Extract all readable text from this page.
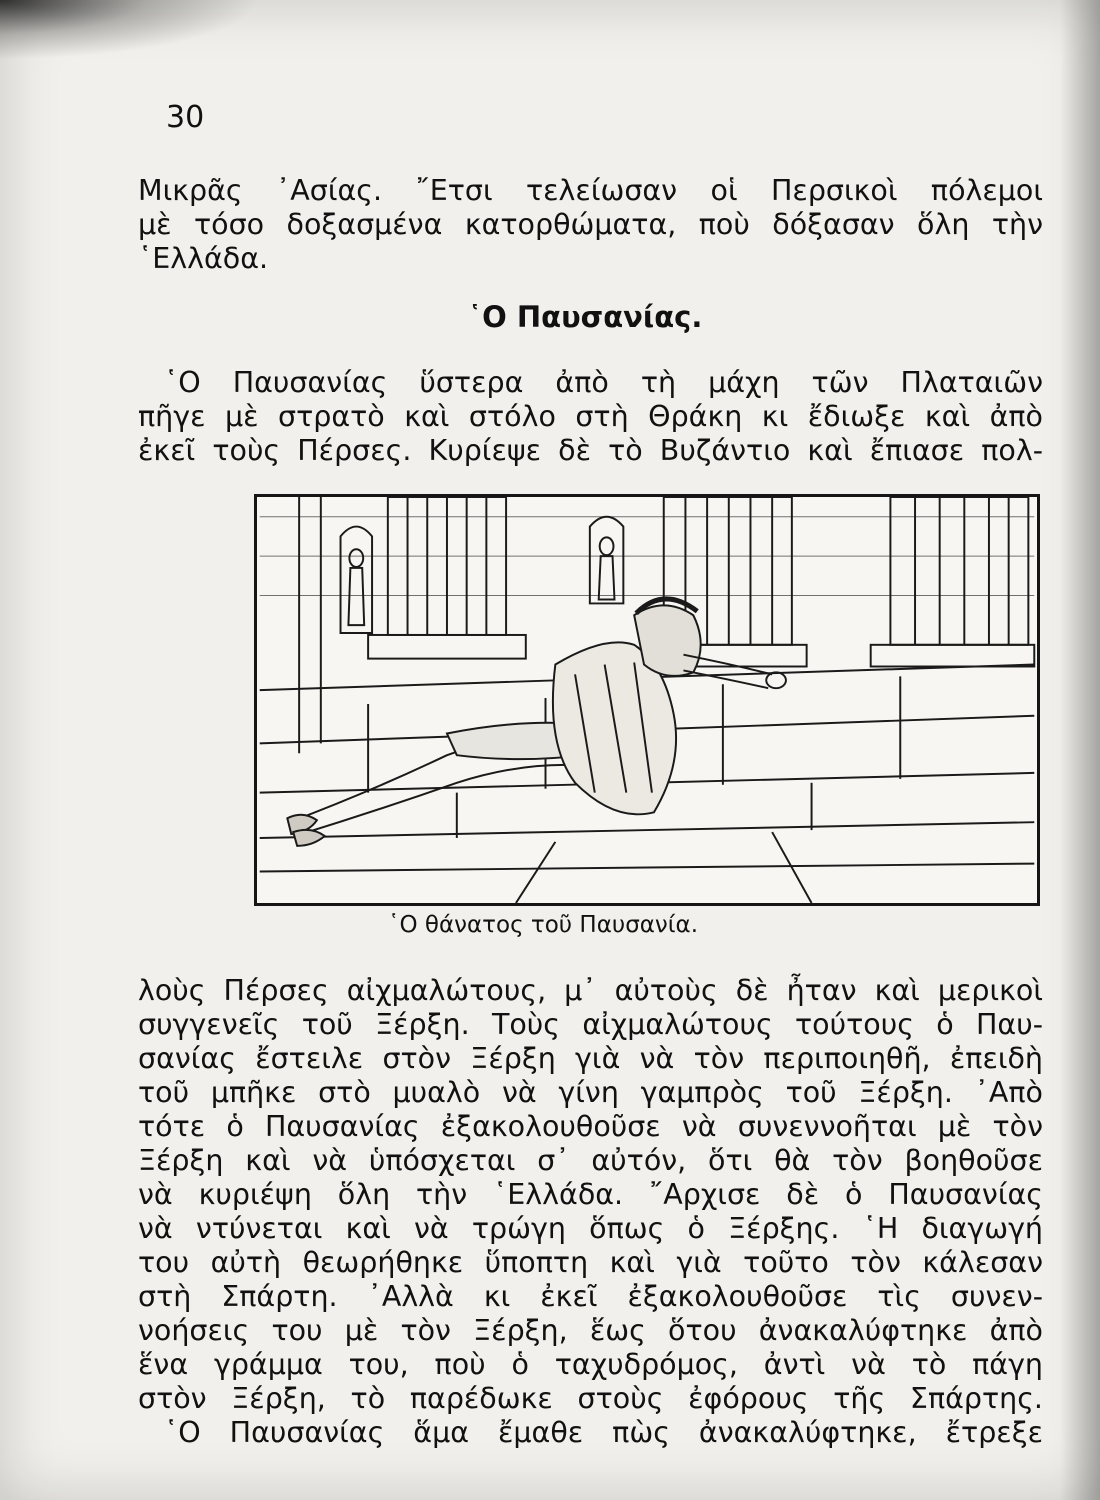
30
Μικρᾶς ᾿Ασίας. ῎Ετσι τελείωσαν οἱ Περσικοὶ πόλεμοι
μὲ τόσο δοξασμένα κατορθώματα, ποὺ δόξασαν ὅλη τὴν
῾Ελλάδα.
῾Ο Παυσανίας.
῾Ο Παυσανίας ὕστερα ἀπὸ τὴ μάχη τῶν Πλαταιῶν
πῆγε μὲ στρατὸ καὶ στόλο στὴ Θράκη κι ἔδιωξε καὶ ἀπὸ
ἐκεῖ τοὺς Πέρσες. Κυρίεψε δὲ τὸ Βυζάντιο καὶ ἔπιασε πολ-
῾Ο θάνατος τοῦ Παυσανία.
λοὺς Πέρσες αἰχμαλώτους, μ᾿ αὐτοὺς δὲ ἦταν καὶ μερικοὶ
συγγενεῖς τοῦ Ξέρξη. Τοὺς αἰχμαλώτους τούτους ὁ Παυ-
σανίας ἔστειλε στὸν Ξέρξη γιὰ νὰ τὸν περιποιηθῆ, ἐπειδὴ
τοῦ μπῆκε στὸ μυαλὸ νὰ γίνη γαμπρὸς τοῦ Ξέρξη. ᾿Απὸ
τότε ὁ Παυσανίας ἐξακολουθοῦσε νὰ συνεννοῆται μὲ τὸν
Ξέρξη καὶ νὰ ὑπόσχεται σ᾿ αὐτόν, ὅτι θὰ τὸν βοηθοῦσε
νὰ κυριέψη ὅλη τὴν ῾Ελλάδα. ῎Αρχισε δὲ ὁ Παυσανίας
νὰ ντύνεται καὶ νὰ τρώγη ὅπως ὁ Ξέρξης. ῾Η διαγωγή
του αὐτὴ θεωρήθηκε ὕποπτη καὶ γιὰ τοῦτο τὸν κάλεσαν
στὴ Σπάρτη. ᾿Αλλὰ κι ἐκεῖ ἐξακολουθοῦσε τὶς συνεν-
νοήσεις του μὲ τὸν Ξέρξη, ἕως ὅτου ἀνακαλύφτηκε ἀπὸ
ἕνα γράμμα του, ποὺ ὁ ταχυδρόμος, ἀντὶ νὰ τὸ πάγη
στὸν Ξέρξη, τὸ παρέδωκε στοὺς ἐφόρους τῆς Σπάρτης.
῾Ο Παυσανίας ἅμα ἔμαθε πὼς ἀνακαλύφτηκε, ἔτρεξε
